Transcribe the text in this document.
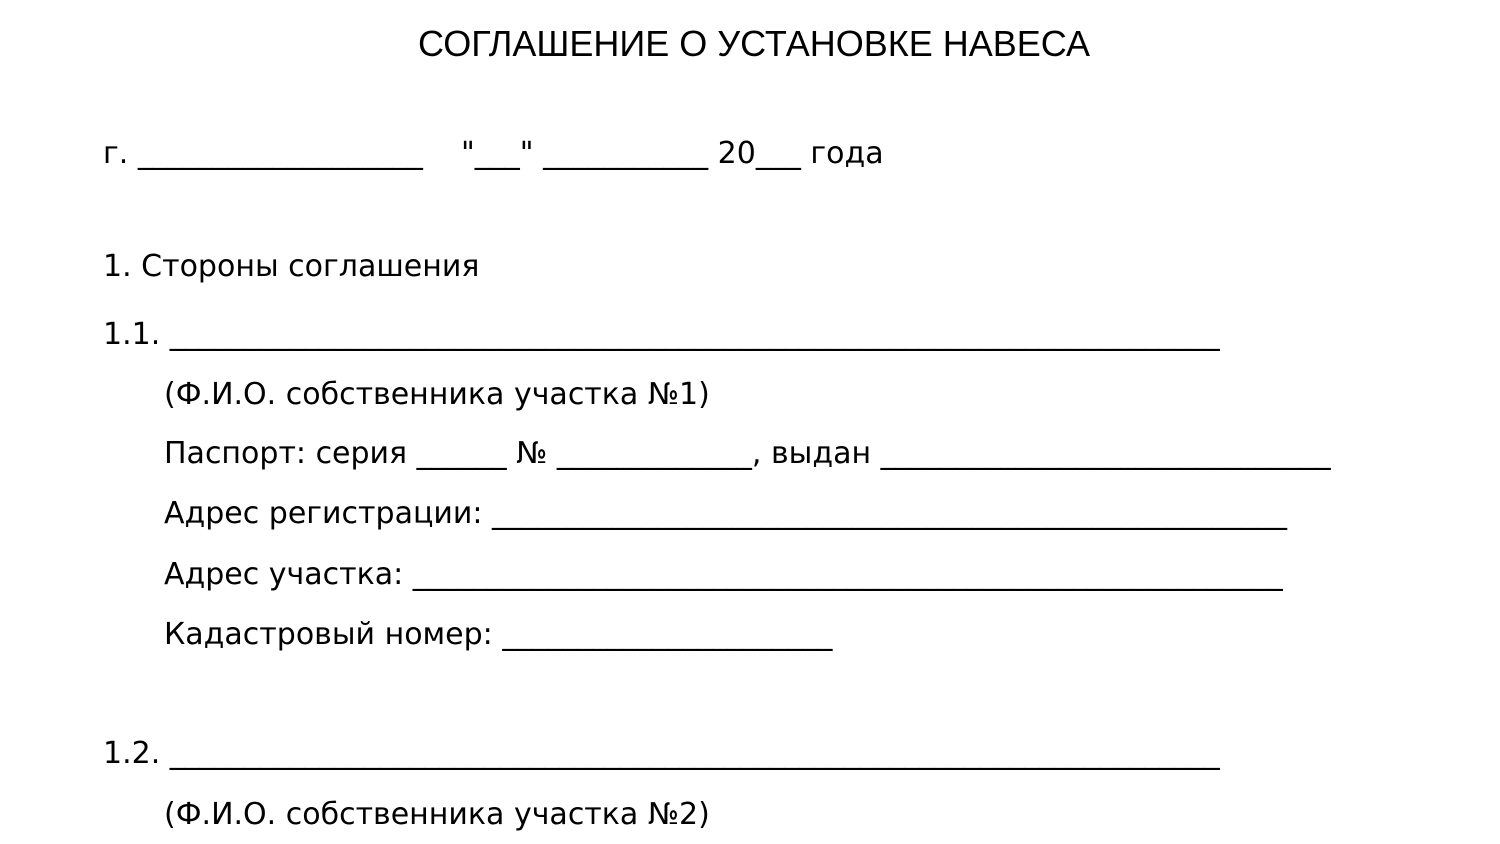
СОГЛАШЕНИЕ О УСТАНОВКЕ НАВЕСА
г. ___________________    "___" ___________ 20___ года
1. Стороны соглашения
1.1. ______________________________________________________________________
(Ф.И.О. собственника участка №1)
Паспорт: серия ______ № _____________, выдан ______________________________
Адрес регистрации: _____________________________________________________
Адрес участка: __________________________________________________________
Кадастровый номер: ______________________
1.2. ______________________________________________________________________
(Ф.И.О. собственника участка №2)
